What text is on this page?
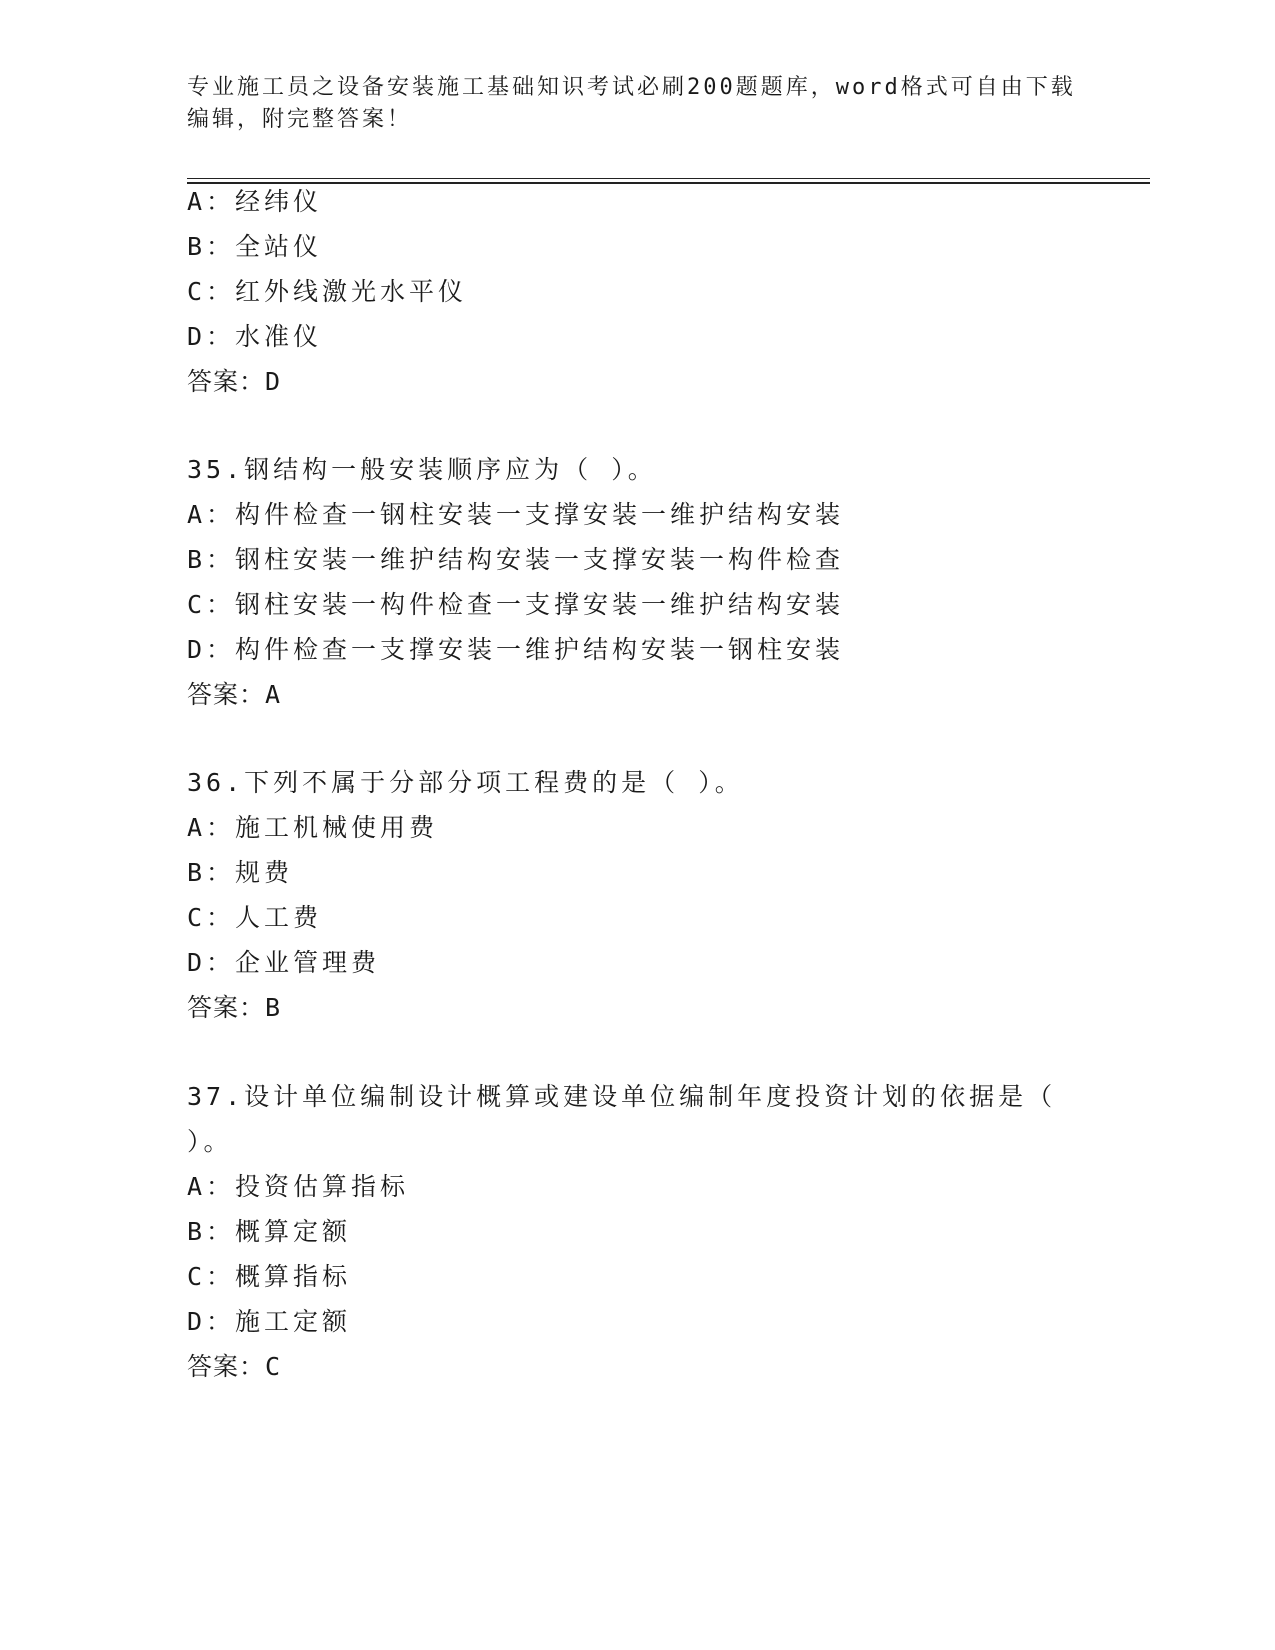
专业施工员之设备安装施工基础知识考试必刷200题题库，word格式可自由下载
编辑，附完整答案！
A：经纬仪
B：全站仪
C：红外线激光水平仪
D：水准仪
答案：D
35.钢结构一般安装顺序应为（ ）。
A：构件检查一钢柱安装一支撑安装一维护结构安装
B：钢柱安装一维护结构安装一支撑安装一构件检查
C：钢柱安装一构件检查一支撑安装一维护结构安装
D：构件检查一支撑安装一维护结构安装一钢柱安装
答案：A
36.下列不属于分部分项工程费的是（ ）。
A：施工机械使用费
B：规费
C：人工费
D：企业管理费
答案：B
37.设计单位编制设计概算或建设单位编制年度投资计划的依据是（
）。
A：投资估算指标
B：概算定额
C：概算指标
D：施工定额
答案：C
